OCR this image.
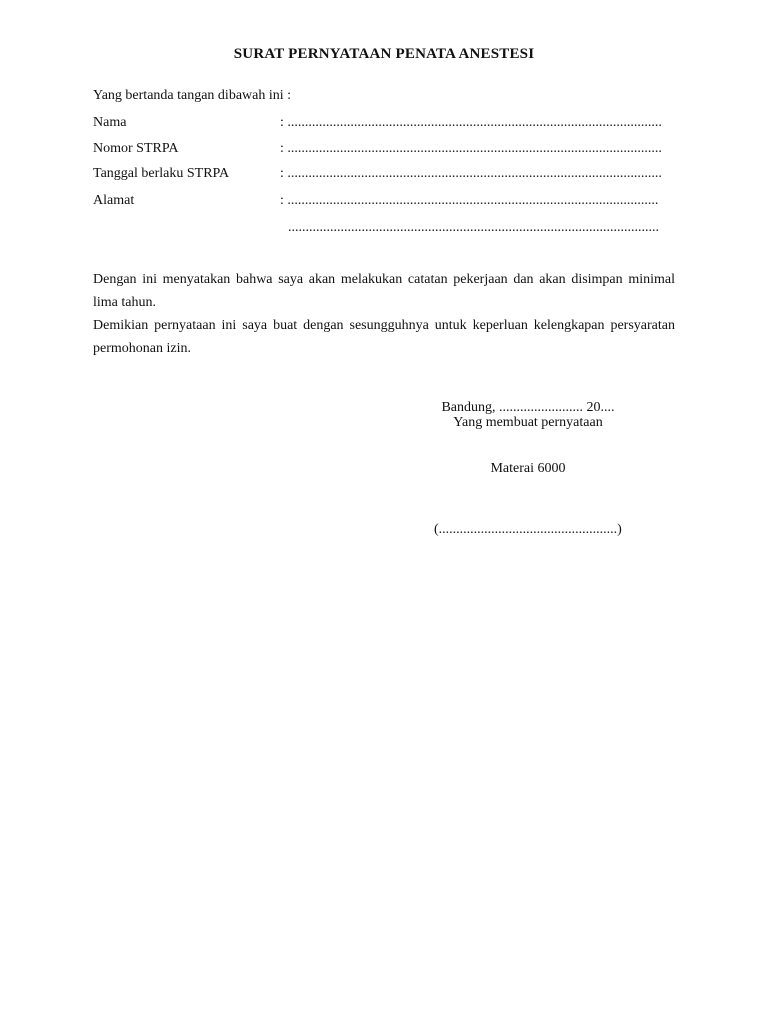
SURAT PERNYATAAN PENATA ANESTESI
Yang bertanda tangan dibawah ini :
Nama	: ...........................................................................................................
Nomor STRPA	: ...........................................................................................................
Tanggal berlaku STRPA	: ...........................................................................................................
Alamat	: ..........................................................................................................
..........................................................................................................
Dengan ini menyatakan bahwa saya akan melakukan catatan pekerjaan dan akan disimpan minimal lima tahun.
Demikian pernyataan ini saya buat dengan sesungguhnya untuk keperluan kelengkapan persyaratan permohonan izin.
Bandung, ........................ 20....
Yang membuat pernyataan
Materai 6000
(...................................................)
